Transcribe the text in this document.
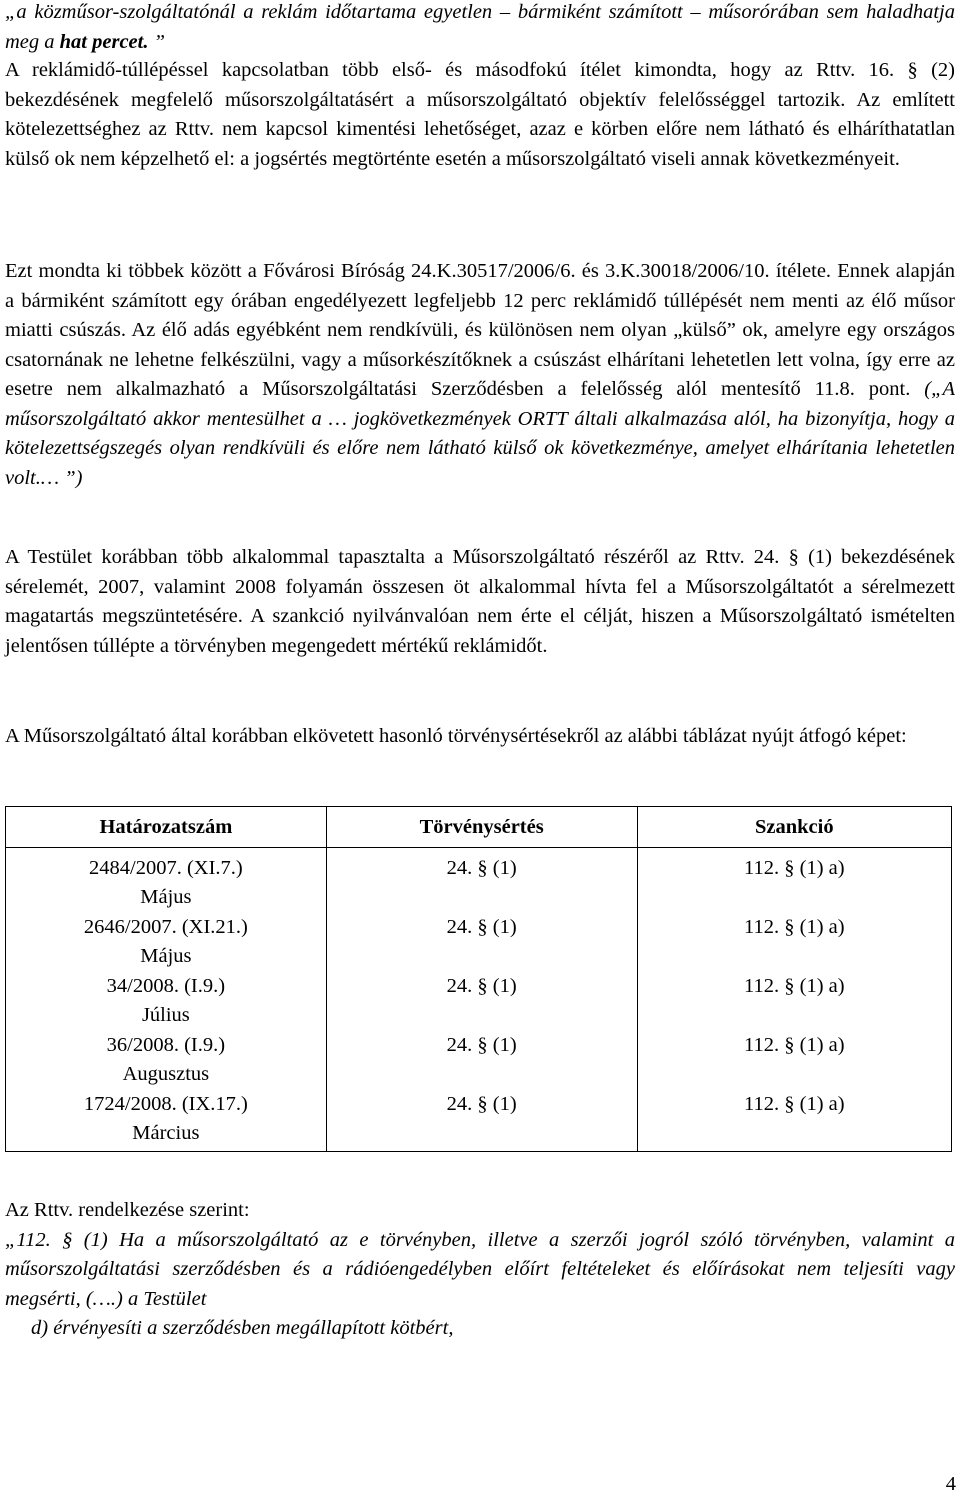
„a közműsor-szolgáltatónál a reklám időtartama egyetlen – bármiként számított – műsorórában sem haladhatja meg a hat percet. ”

A reklámidő-túllépéssel kapcsolatban több első- és másodfokú ítélet kimondta, hogy az Rttv. 16. § (2) bekezdésének megfelelő műsorszolgáltatásért a műsorszolgáltató objektív felelősséggel tartozik. Az említett kötelezettséghez az Rttv. nem kapcsol kimentési lehetőséget, azaz e körben előre nem látható és elháríthatatlan külső ok nem képzelhető el: a jogsértés megtörténte esetén a műsorszolgáltató viseli annak következményeit.

Ezt mondta ki többek között a Fővárosi Bíróság 24.K.30517/2006/6. és 3.K.30018/2006/10. ítélete. Ennek alapján a bármiként számított egy órában engedélyezett legfeljebb 12 perc reklámidő túllépését nem menti az élő műsor miatti csúszás. Az élő adás egyébként nem rendkívüli, és különösen nem olyan „külső” ok, amelyre egy országos csatornának ne lehetne felkészülni, vagy a műsorkészítőknek a csúszást elhárítani lehetetlen lett volna, így erre az esetre nem alkalmazható a Műsorszolgáltatási Szerződésben a felelősség alól mentesítő 11.8. pont. („A műsorszolgáltató akkor mentesülhet a … jogkövetkezmények ORTT általi alkalmazása alól, ha bizonyítja, hogy a kötelezettségszegés olyan rendkívüli és előre nem látható külső ok következménye, amelyet elhárítania lehetetlen volt.… ”)

A Testület korábban több alkalommal tapasztalta a Műsorszolgáltató részéről az Rttv. 24. § (1) bekezdésének sérelemét, 2007, valamint 2008 folyamán összesen öt alkalommal hívta fel a Műsorszolgáltatót a sérelmezett magatartás megszüntetésére. A szankció nyilvánvalóan nem érte el célját, hiszen a Műsorszolgáltató ismételten jelentősen túllépte a törvényben megengedett mértékű reklámidőt.

A Műsorszolgáltató által korábban elkövetett hasonló törvénysértésekről az alábbi táblázat nyújt átfogó képet:

Határozatszám	Törvénysértés	Szankció
2484/2007. (XI.7.)
Május	24. § (1)	112. § (1) a)
2646/2007. (XI.21.)
Május	24. § (1)	112. § (1) a)
34/2008. (I.9.)
Július	24. § (1)	112. § (1) a)
36/2008. (I.9.)
Augusztus	24. § (1)	112. § (1) a)
1724/2008. (IX.17.)
Március	24. § (1)	112. § (1) a)

Az Rttv. rendelkezése szerint:

„112. § (1) Ha a műsorszolgáltató az e törvényben, illetve a szerzői jogról szóló törvényben, valamint a műsorszolgáltatási szerződésben és a rádióengedélyben előírt feltételeket és előírásokat nem teljesíti vagy megsérti, (….) a Testület

d) érvényesíti a szerződésben megállapított kötbért,

4
